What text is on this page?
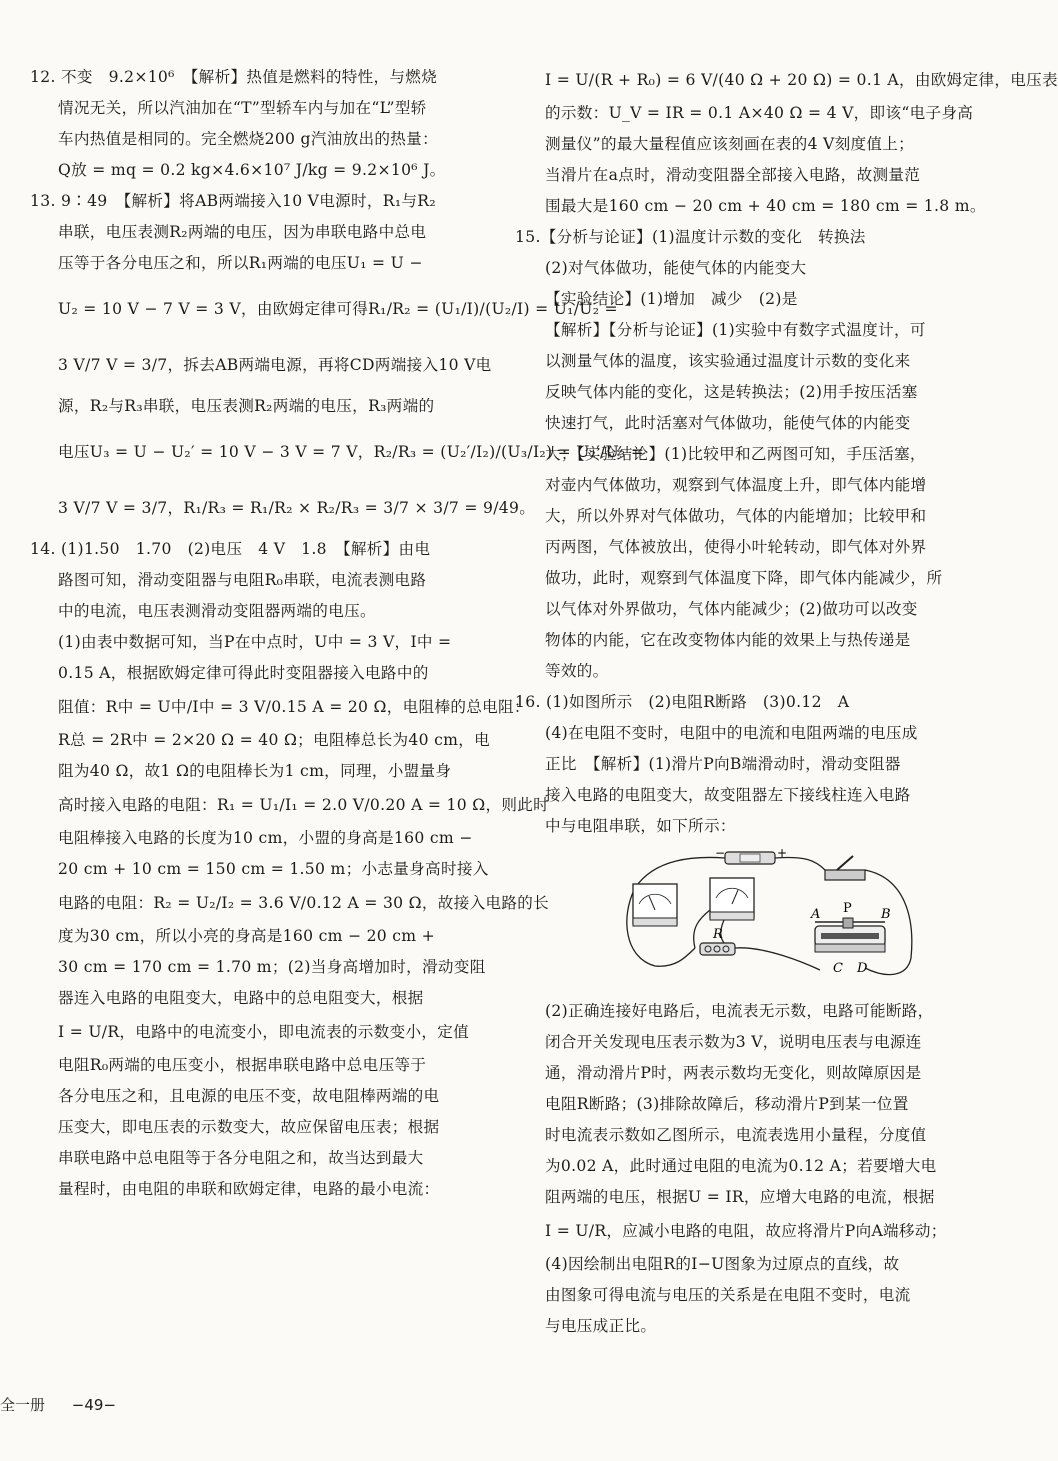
12. 不变　9.2×10⁶　【解析】热值是燃料的特性，与燃烧
情况无关，所以汽油加在“T”型轿车内与加在“L”型轿
车内热值是相同的。完全燃烧200 g汽油放出的热量：
Q放 = mq = 0.2 kg×4.6×10⁷ J/kg = 9.2×10⁶ J。
13. 9∶49　【解析】将AB两端接入10 V电源时，R₁与R₂
串联，电压表测R₂两端的电压，因为串联电路中总电
压等于各分电压之和，所以R₁两端的电压U₁ = U −
U₂ = 10 V − 7 V = 3 V，由欧姆定律可得R₁/R₂ = (U₁/I)/(U₂/I) = U₁/U₂ =
3 V/7 V = 3/7，拆去AB两端电源，再将CD两端接入10 V电
源，R₂与R₃串联，电压表测R₂两端的电压，R₃两端的
电压U₃ = U − U₂′ = 10 V − 3 V = 7 V，R₂/R₃ = (U₂′/I₂)/(U₃/I₂) = U₂′/U₃ =
3 V/7 V = 3/7，R₁/R₃ = R₁/R₂ × R₂/R₃ = 3/7 × 3/7 = 9/49。
14. (1)1.50　1.70　(2)电压　4 V　1.8　【解析】由电
路图可知，滑动变阻器与电阻R₀串联，电流表测电路
中的电流，电压表测滑动变阻器两端的电压。
(1)由表中数据可知，当P在中点时，U中 = 3 V，I中 =
0.15 A，根据欧姆定律可得此时变阻器接入电路中的
阻值：R中 = U中/I中 = 3 V/0.15 A = 20 Ω，电阻棒的总电阻：
R总 = 2R中 = 2×20 Ω = 40 Ω；电阻棒总长为40 cm，电
阻为40 Ω，故1 Ω的电阻棒长为1 cm，同理，小盟量身
高时接入电路的电阻：R₁ = U₁/I₁ = 2.0 V/0.20 A = 10 Ω，则此时
电阻棒接入电路的长度为10 cm，小盟的身高是160 cm −
20 cm + 10 cm = 150 cm = 1.50 m；小志量身高时接入
电路的电阻：R₂ = U₂/I₂ = 3.6 V/0.12 A = 30 Ω，故接入电路的长
度为30 cm，所以小亮的身高是160 cm − 20 cm +
30 cm = 170 cm = 1.70 m；(2)当身高增加时，滑动变阻
器连入电路的电阻变大，电路中的总电阻变大，根据
I = U/R，电路中的电流变小，即电流表的示数变小，定值
电阻R₀两端的电压变小，根据串联电路中总电压等于
各分电压之和，且电源的电压不变，故电阻棒两端的电
压变大，即电压表的示数变大，故应保留电压表；根据
串联电路中总电阻等于各分电阻之和，故当达到最大
量程时，由电阻的串联和欧姆定律，电路的最小电流：
I = U/(R + R₀) = 6 V/(40 Ω + 20 Ω) = 0.1 A，由欧姆定律，电压表
的示数：U_V = IR = 0.1 A×40 Ω = 4 V，即该“电子身高
测量仪”的最大量程值应该刻画在表的4 V刻度值上；
当滑片在a点时，滑动变阻器全部接入电路，故测量范
围最大是160 cm − 20 cm + 40 cm = 180 cm = 1.8 m。
15.【分析与论证】(1)温度计示数的变化　转换法
(2)对气体做功，能使气体的内能变大
【实验结论】(1)增加　减少　(2)是
【解析】【分析与论证】(1)实验中有数字式温度计，可
以测量气体的温度，该实验通过温度计示数的变化来
反映气体内能的变化，这是转换法；(2)用手按压活塞
快速打气，此时活塞对气体做功，能使气体的内能变
大；【实验结论】(1)比较甲和乙两图可知，手压活塞，
对壶内气体做功，观察到气体温度上升，即气体内能增
大，所以外界对气体做功，气体的内能增加；比较甲和
丙两图，气体被放出，使得小叶轮转动，即气体对外界
做功，此时，观察到气体温度下降，即气体内能减少，所
以气体对外界做功，气体内能减少；(2)做功可以改变
物体的内能，它在改变物体内能的效果上与热传递是
等效的。
16. (1)如图所示　(2)电阻R断路　(3)0.12　A
(4)在电阻不变时，电阻中的电流和电阻两端的电压成
正比　【解析】(1)滑片P向B端滑动时，滑动变阻器
接入电路的电阻变大，故变阻器左下接线柱连入电路
中与电阻串联，如下所示：
−	+
R
A P B
C D
(2)正确连接好电路后，电流表无示数，电路可能断路，
闭合开关发现电压表示数为3 V，说明电压表与电源连
通，滑动滑片P时，两表示数均无变化，则故障原因是
电阻R断路；(3)排除故障后，移动滑片P到某一位置
时电流表示数如乙图所示，电流表选用小量程，分度值
为0.02 A，此时通过电阻的电流为0.12 A；若要增大电
阻两端的电压，根据U = IR，应增大电路的电流，根据
I = U/R，应减小电路的电阻，故应将滑片P向A端移动；
(4)因绘制出电阻R的I−U图象为过原点的直线，故
由图象可得电流与电压的关系是在电阻不变时，电流
与电压成正比。
全一册 −49−
